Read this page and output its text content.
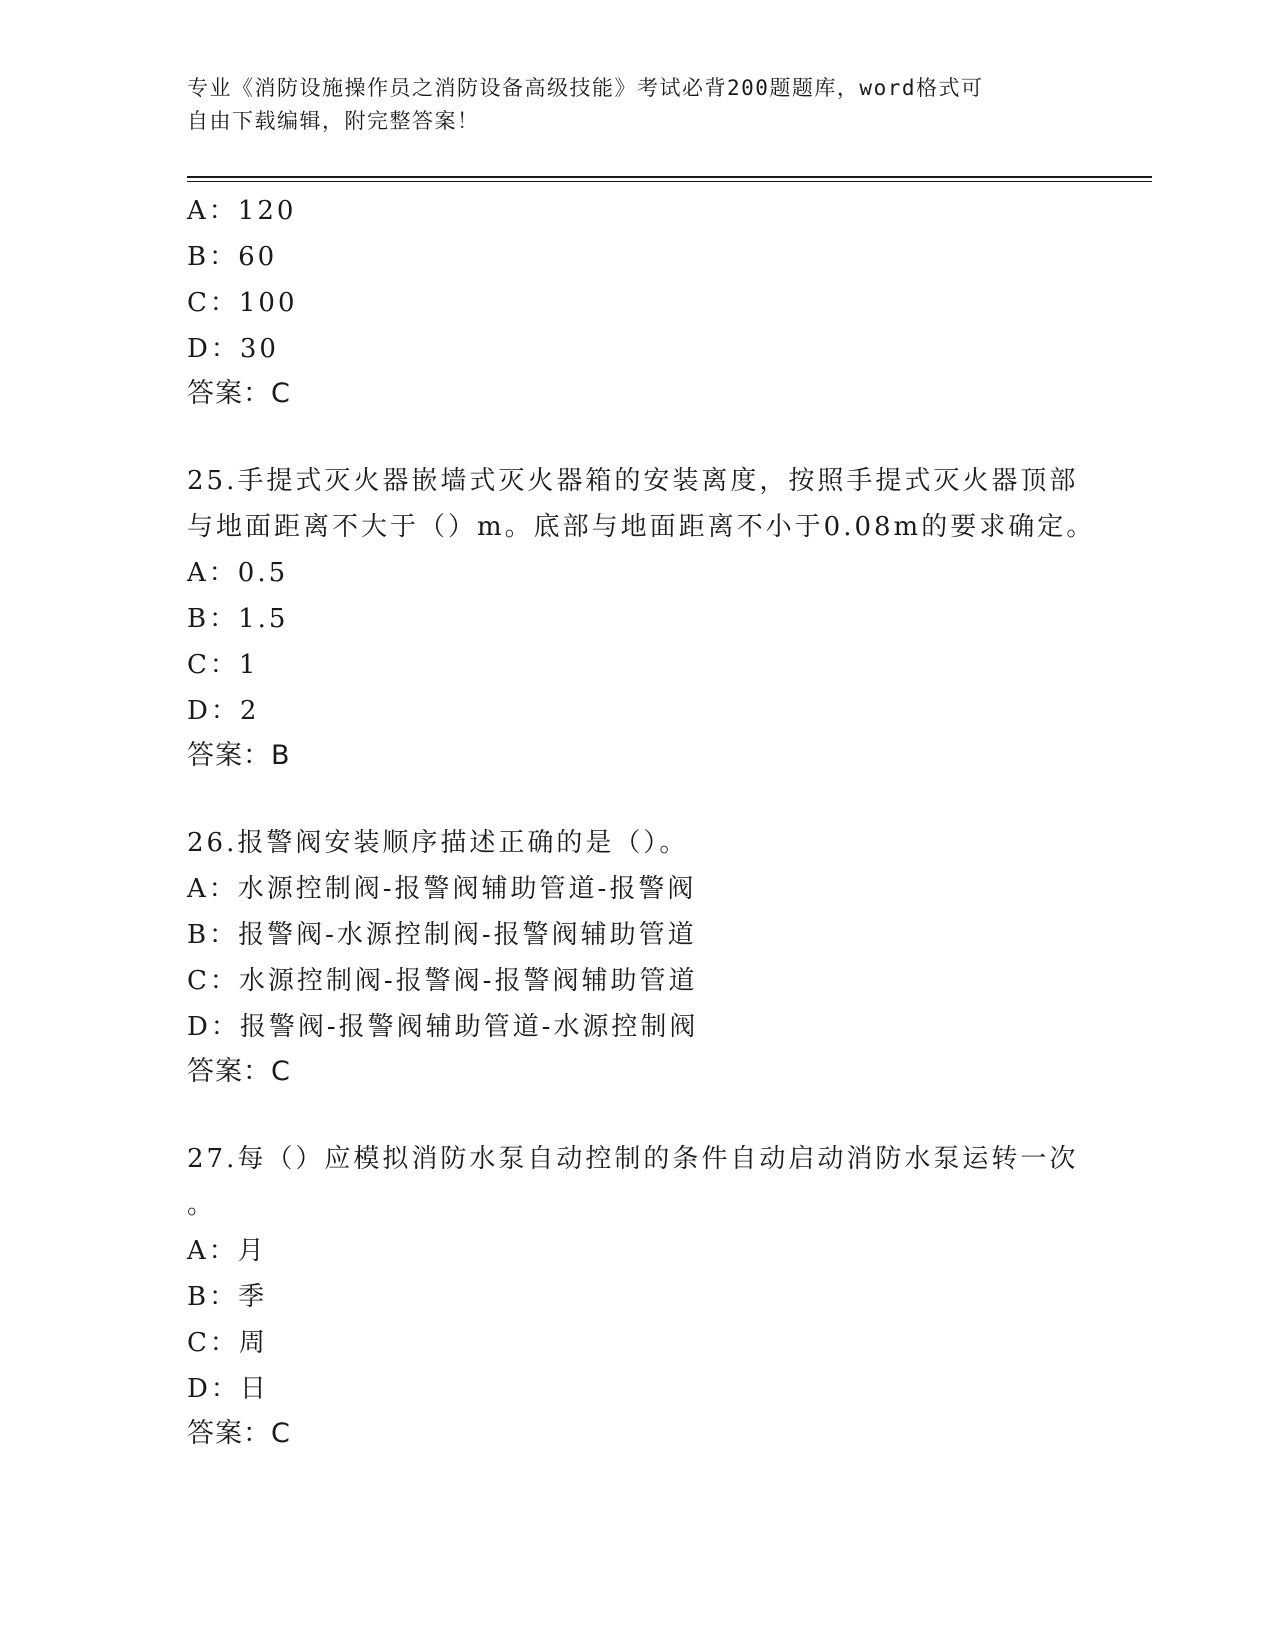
专业《消防设施操作员之消防设备高级技能》考试必背200题题库，word格式可
自由下载编辑，附完整答案！
A：120
B：60
C：100
D：30
答案：C
25.手提式灭火器嵌墙式灭火器箱的安装离度，按照手提式灭火器顶部
与地面距离不大于（）m。底部与地面距离不小于0.08m的要求确定。
A：0.5
B：1.5
C：1
D：2
答案：B
26.报警阀安装顺序描述正确的是（）。
A：水源控制阀-报警阀辅助管道-报警阀
B：报警阀-水源控制阀-报警阀辅助管道
C：水源控制阀-报警阀-报警阀辅助管道
D：报警阀-报警阀辅助管道-水源控制阀
答案：C
27.每（）应模拟消防水泵自动控制的条件自动启动消防水泵运转一次
。
A：月
B：季
C：周
D：日
答案：C
